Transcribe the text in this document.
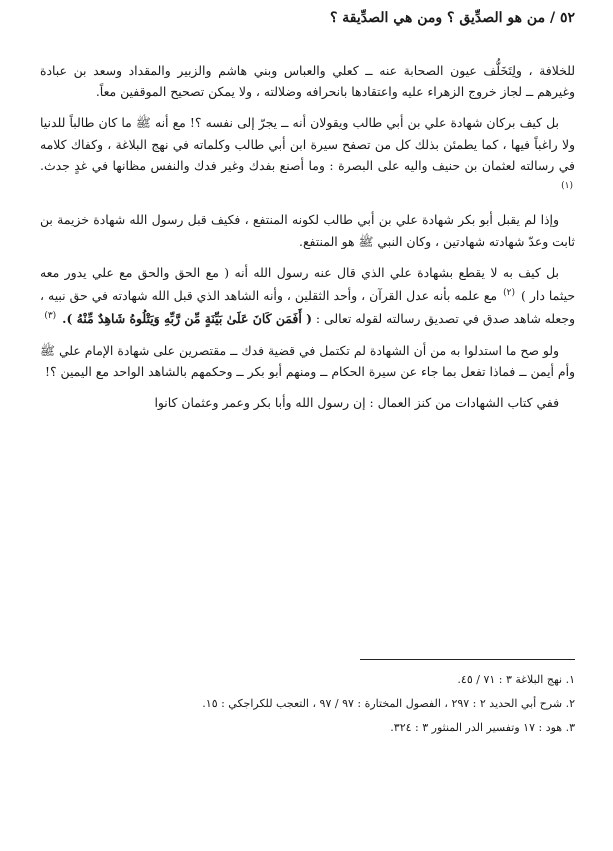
٥٢ / من هو الصدِّيق ؟ ومن هي الصدِّيقة ؟

للخلافة ، ولِتَخَلُّف عيون الصحابة عنه ــ كعلي والعباس وبني هاشم والزبير والمقداد وسعد بن عبادة وغيرهم ــ لجاز خروج الزهراء عليه واعتقادها بانحرافه وضلالته ، ولا يمكن تصحيح الموقفين معاً.

بل كيف بركان شهادة علي بن أبي طالب ويقولان أنه ــ يجرّ إلى نفسه ؟! مع أنه ﷺ ما كان طالباً للدنيا ولا راغباً فيها ، كما يطمئن بذلك كل من تصفح سيرة ابن أبي طالب وكلماته في نهج البلاغة ، وكفاك كلامه في رسالته لعثمان بن حنيف واليه على البصرة : وما أصنع بفدك وغير فدك والنفس مظانها في غدٍ جدث. $^{(١)}$

وإذا لم يقبل أبو بكر شهادة علي بن أبي طالب لكونه المنتفع ، فكيف قبل رسول الله شهادة خزيمة بن ثابت وعدّ شهادته شهادتين ، وكان النبي ﷺ هو المنتفع.

بل كيف به لا يقطع بشهادة علي الذي قال عنه رسول الله أنه ( مع الحق والحق مع علي يدور معه حيثما دار ) $^{(٢)}$ مع علمه بأنه عدل القرآن ، وأحد الثقلين ، وأنه الشاهد الذي قبل الله شهادته في حق نبيه ، وجعله شاهد صدق في تصديق رسالته لقوله تعالى : ( أَفَمَن كَانَ عَلَىٰ بَيِّنَةٍ مِّن رَّبِّهِ وَيَتْلُوهُ شَاهِدٌ مِّنْهُ ). $^{(٣)}$

ولو صح ما استدلوا به من أن الشهادة لم تكتمل في قضية فدك ــ مقتصرين على شهادة الإمام علي ﷺ وأم أيمن ــ فماذا تفعل بما جاء عن سيرة الحكام ــ ومنهم أبو بكر ــ وحكمهم بالشاهد الواحد مع اليمين ؟!

ففي كتاب الشهادات من كنز العمال : إن رسول الله وأبا بكر وعمر وعثمان كانوا

١. نهج البلاغة ٣ : ٧١ / ٤٥.
٢. شرح أبي الحديد ٢ : ٢٩٧ ، الفصول المختارة : ٩٧ / ٩٧ ، التعجب للكراجكي : ١٥.
٣. هود : ١٧ وتفسير الدر المنثور ٣ : ٣٢٤.
